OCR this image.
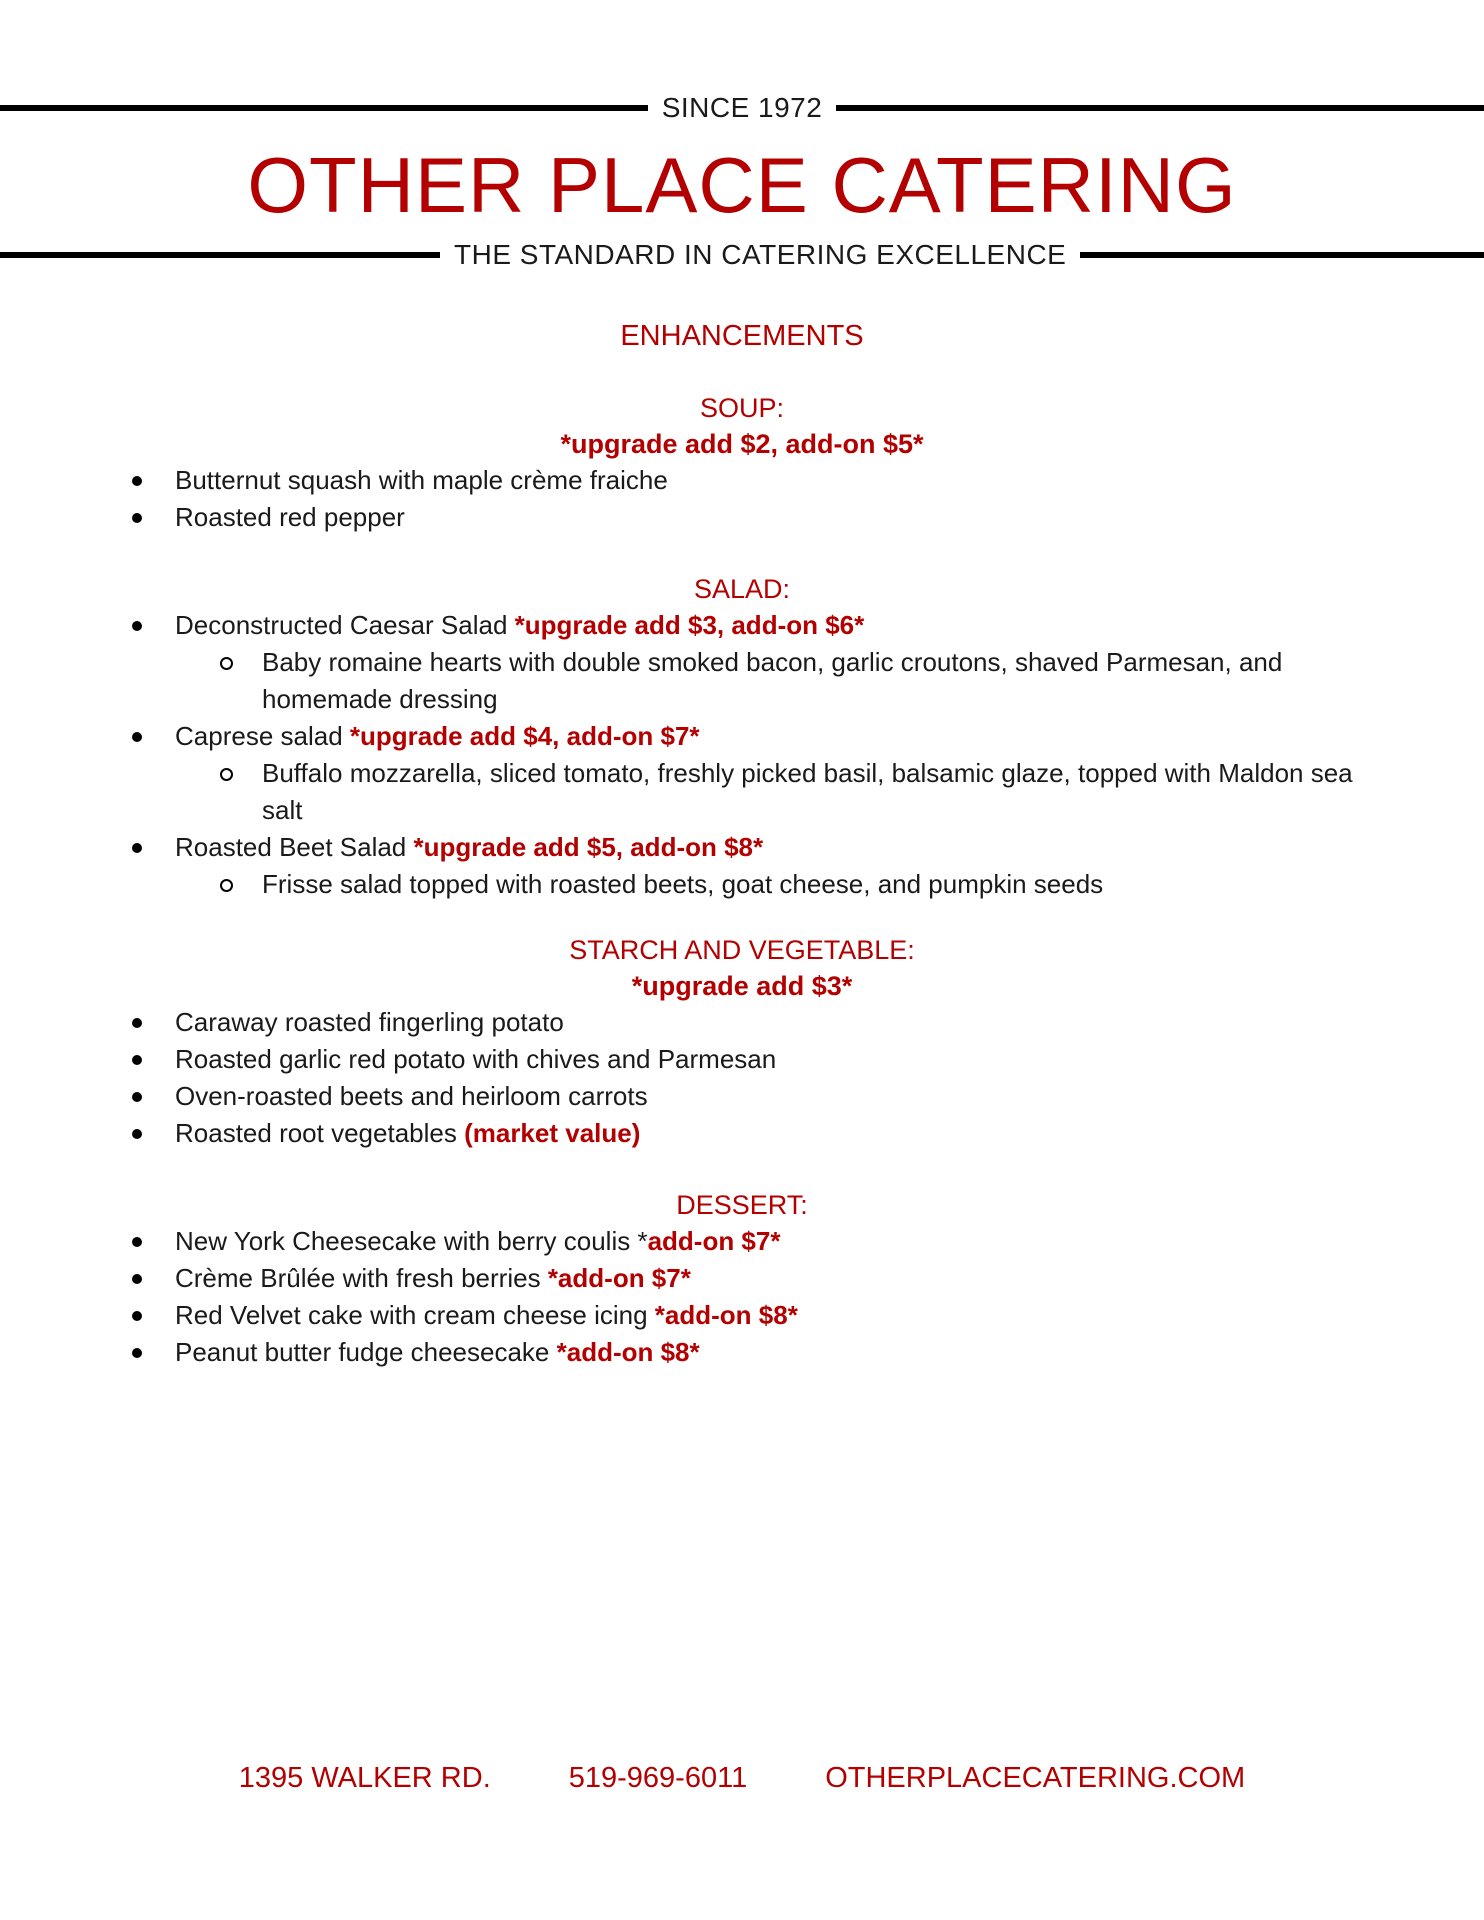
SINCE 1972
OTHER PLACE CATERING
THE STANDARD IN CATERING EXCELLENCE
ENHANCEMENTS
SOUP:
*upgrade add $2, add-on $5*
Butternut squash with maple crème fraiche
Roasted red pepper
SALAD:
Deconstructed Caesar Salad *upgrade add $3, add-on $6*
Baby romaine hearts with double smoked bacon, garlic croutons, shaved Parmesan, and homemade dressing
Caprese salad *upgrade add $4, add-on $7*
Buffalo mozzarella, sliced tomato, freshly picked basil, balsamic glaze, topped with Maldon sea salt
Roasted Beet Salad *upgrade add $5, add-on $8*
Frisse salad topped with roasted beets, goat cheese, and pumpkin seeds
STARCH AND VEGETABLE:
*upgrade add $3*
Caraway roasted fingerling potato
Roasted garlic red potato with chives and Parmesan
Oven-roasted beets and heirloom carrots
Roasted root vegetables (market value)
DESSERT:
New York Cheesecake with berry coulis *add-on $7*
Crème Brûlée with fresh berries *add-on $7*
Red Velvet cake with cream cheese icing *add-on $8*
Peanut butter fudge cheesecake *add-on $8*
1395 WALKER RD.	519-969-6011	OTHERPLACECATERING.COM
